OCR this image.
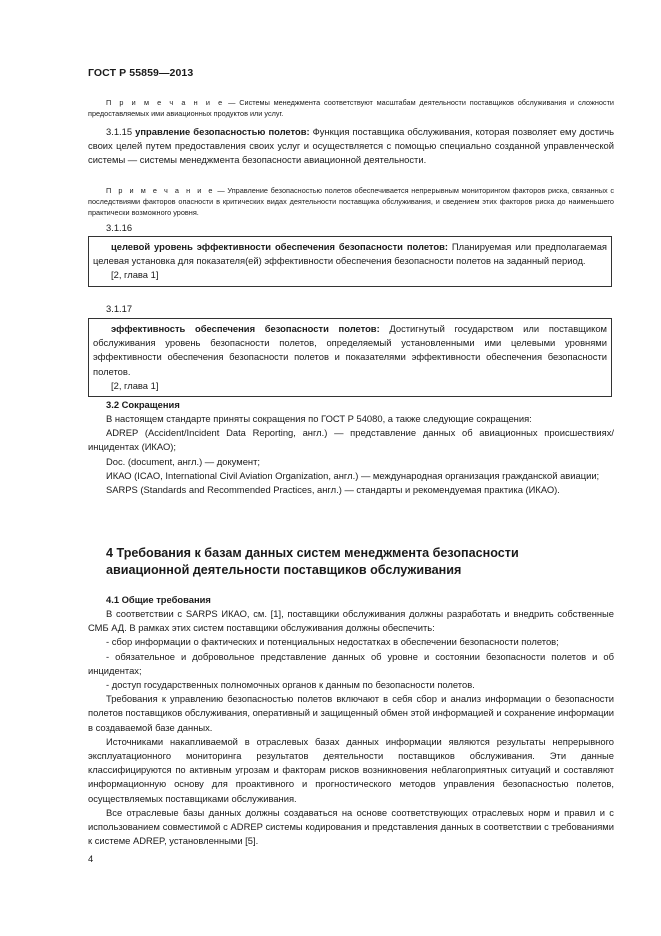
ГОСТ Р 55859—2013

П р и м е ч а н и е — Системы менеджмента соответствуют масштабам деятельности поставщиков обслуживания и сложности предоставляемых ими авиационных продуктов или услуг.

3.1.15 управление безопасностью полетов: Функция поставщика обслуживания, которая позволяет ему достичь своих целей путем предоставления своих услуг и осуществляется с помощью специально созданной управленческой системы — системы менеджмента безопасности авиационной деятельности.

П р и м е ч а н и е — Управление безопасностью полетов обеспечивается непрерывным мониторингом факторов риска, связанных с последствиями факторов опасности в критических видах деятельности поставщика обслуживания, и сведением этих факторов риска до наименьшего практически возможного уровня.

3.1.16

целевой уровень эффективности обеспечения безопасности полетов: Планируемая или предполагаемая целевая установка для показателя(ей) эффективности обеспечения безопасности полетов на заданный период.

[2, глава 1]

3.1.17

эффективность обеспечения безопасности полетов: Достигнутый государством или поставщиком обслуживания уровень безопасности полетов, определяемый установленными ими целевыми уровнями эффективности обеспечения безопасности полетов и показателями эффективности обеспечения безопасности полетов.

[2, глава 1]

3.2 Сокращения

В настоящем стандарте приняты сокращения по ГОСТ Р 54080, а также следующие сокращения:

ADREP (Accident/Incident Data Reporting, англ.) — представление данных об авиационных происшествиях/инцидентах (ИКАО);

Doc. (document, англ.) — документ;

ИКАО (ICAO, International Civil Aviation Organization, англ.) — международная организация гражданской авиации;

SARPS (Standards and Recommended Practices, англ.) — стандарты и рекомендуемая практика (ИКАО).

4 Требования к базам данных систем менеджмента безопасности
авиационной деятельности поставщиков обслуживания
4.1 Общие требования

В соответствии с SARPS ИКАО, см. [1], поставщики обслуживания должны разработать и внедрить собственные СМБ АД. В рамках этих систем поставщики обслуживания должны обеспечить:

- сбор информации о фактических и потенциальных недостатках в обеспечении безопасности полетов;

- обязательное и добровольное представление данных об уровне и состоянии безопасности полетов и об инцидентах;

- доступ государственных полномочных органов к данным по безопасности полетов.

Требования к управлению безопасностью полетов включают в себя сбор и анализ информации о безопасности полетов поставщиков обслуживания, оперативный и защищенный обмен этой информацией и сохранение информации в создаваемой базе данных.

Источниками накапливаемой в отраслевых базах данных информации являются результаты непрерывного эксплуатационного мониторинга результатов деятельности поставщиков обслуживания. Эти данные классифицируются по активным угрозам и факторам рисков возникновения неблагоприятных ситуаций и составляют информационную основу для проактивного и прогностического методов управления безопасностью полетов, осуществляемых поставщиками обслуживания.

Все отраслевые базы данных должны создаваться на основе соответствующих отраслевых норм и правил и с использованием совместимой с ADREP системы кодирования и представления данных в соответствии с требованиями к системе ADREP, установленными [5].

4
